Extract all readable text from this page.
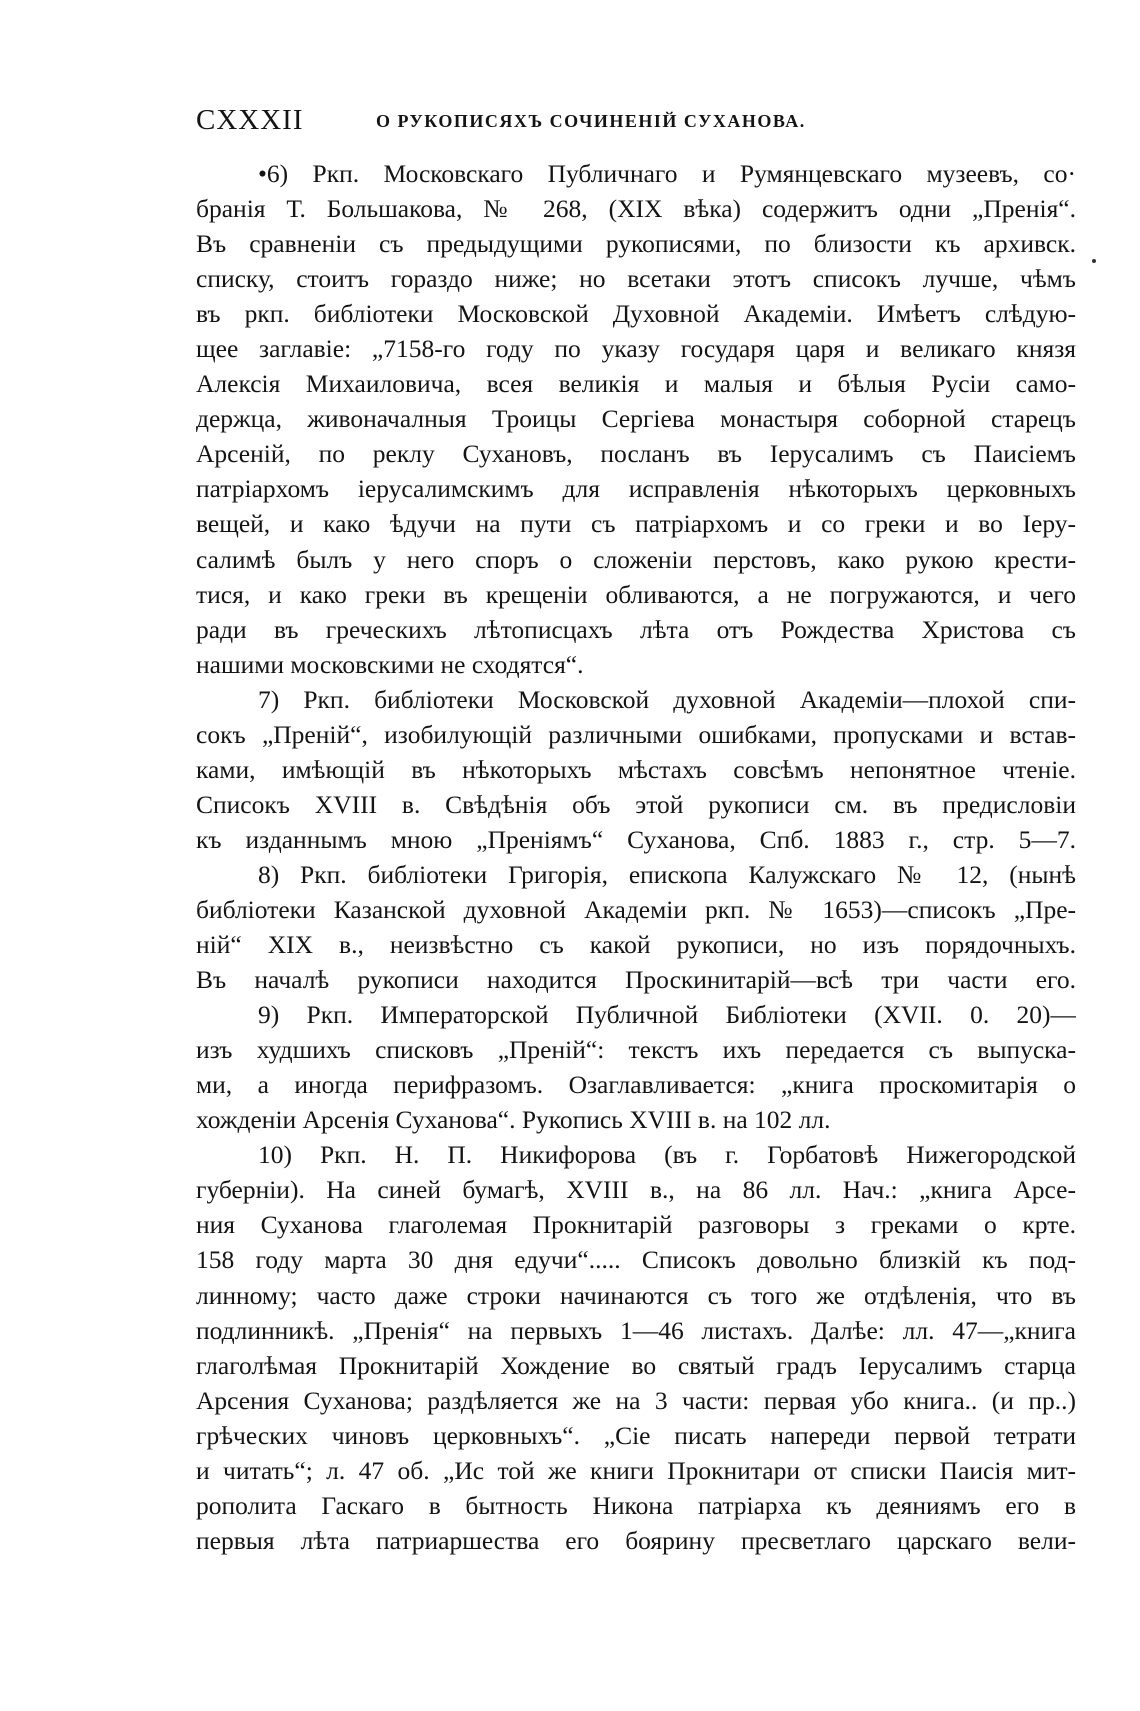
CXXXII	О РУКОПИСЯХЪ СОЧИНЕНІЙ СУХАНОВА.
•6) Ркп. Московскаго Публичнаго и Румянцевскаго музеевъ, со·
бранія Т. Большакова, № 268, (XIX вѣка) содержитъ одни „Пренія“.
Въ сравненіи съ предыдущими рукописями, по близости къ архивск.
списку, стоитъ гораздо ниже; но всетаки этотъ списокъ лучше, чѣмъ
въ ркп. библіотеки Московской Духовной Академіи. Имѣетъ слѣдую-
щее заглавіе: „7158-го году по указу государя царя и великаго князя
Алексія Михаиловича, всея великія и малыя и бѣлыя Русіи само-
держца, живоначалныя Троицы Сергіева монастыря соборной старецъ
Арсеній, по реклу Сухановъ, посланъ въ Іерусалимъ съ Паисіемъ
патріархомъ іерусалимскимъ для исправленія нѣкоторыхъ церковныхъ
вещей, и како ѣдучи на пути съ патріархомъ и со греки и во Іеру-
салимѣ былъ у него споръ о сложеніи перстовъ, како рукою крести-
тися, и како греки въ крещеніи обливаются, а не погружаются, и чего
ради въ греческихъ лѣтописцахъ лѣта отъ Рождества Христова съ
нашими московскими не сходятся“.
7) Ркп. библіотеки Московской духовной Академіи—плохой спи-
сокъ „Преній“, изобилующій различными ошибками, пропусками и встав-
ками, имѣющій въ нѣкоторыхъ мѣстахъ совсѣмъ непонятное чтеніе.
Списокъ XVIII в. Свѣдѣнія объ этой рукописи см. въ предисловіи
къ изданнымъ мною „Преніямъ“ Суханова, Спб. 1883 г., стр. 5—7.
8) Ркп. библіотеки Григорія, епископа Калужскаго № 12, (нынѣ
библіотеки Казанской духовной Академіи ркп. № 1653)—списокъ „Пре-
ній“ XIX в., неизвѣстно съ какой рукописи, но изъ порядочныхъ.
Въ началѣ рукописи находится Проскинитарій—всѣ три части его.
9) Ркп. Императорской Публичной Библіотеки (XVII. 0. 20)—
изъ худшихъ списковъ „Преній“: текстъ ихъ передается съ выпуска-
ми, а иногда перифразомъ. Озаглавливается: „книга проскомитарія о
хожденіи Арсенія Суханова“. Рукопись XVIII в. на 102 лл.
10) Ркп. Н. П. Никифорова (въ г. Горбатовѣ Нижегородской
губерніи). На синей бумагѣ, XVIII в., на 86 лл. Нач.: „книга Арсе-
ния Суханова глаголемая Прокнитарій разговоры з греками о крте.
158 году марта 30 дня едучи“..... Списокъ довольно близкій къ под-
линному; часто даже строки начинаются съ того же отдѣленія, что въ
подлинникѣ. „Пренія“ на первыхъ 1—46 листахъ. Далѣе: лл. 47—„книга
глаголѣмая Прокнитарій Хождение во святый градъ Іерусалимъ старца
Арсения Суханова; раздѣляется же на 3 части: первая убо книга.. (и пр..)
грѣческих чиновъ церковныхъ“. „Сіе писать напереди первой тетрати
и читать“; л. 47 об. „Ис той же книги Прокнитари от списки Паисія мит-
рополита Гаскаго в бытность Никона патріарха къ деяниямъ его в
первыя лѣта патриаршества его боярину пресветлаго царскаго вели-
